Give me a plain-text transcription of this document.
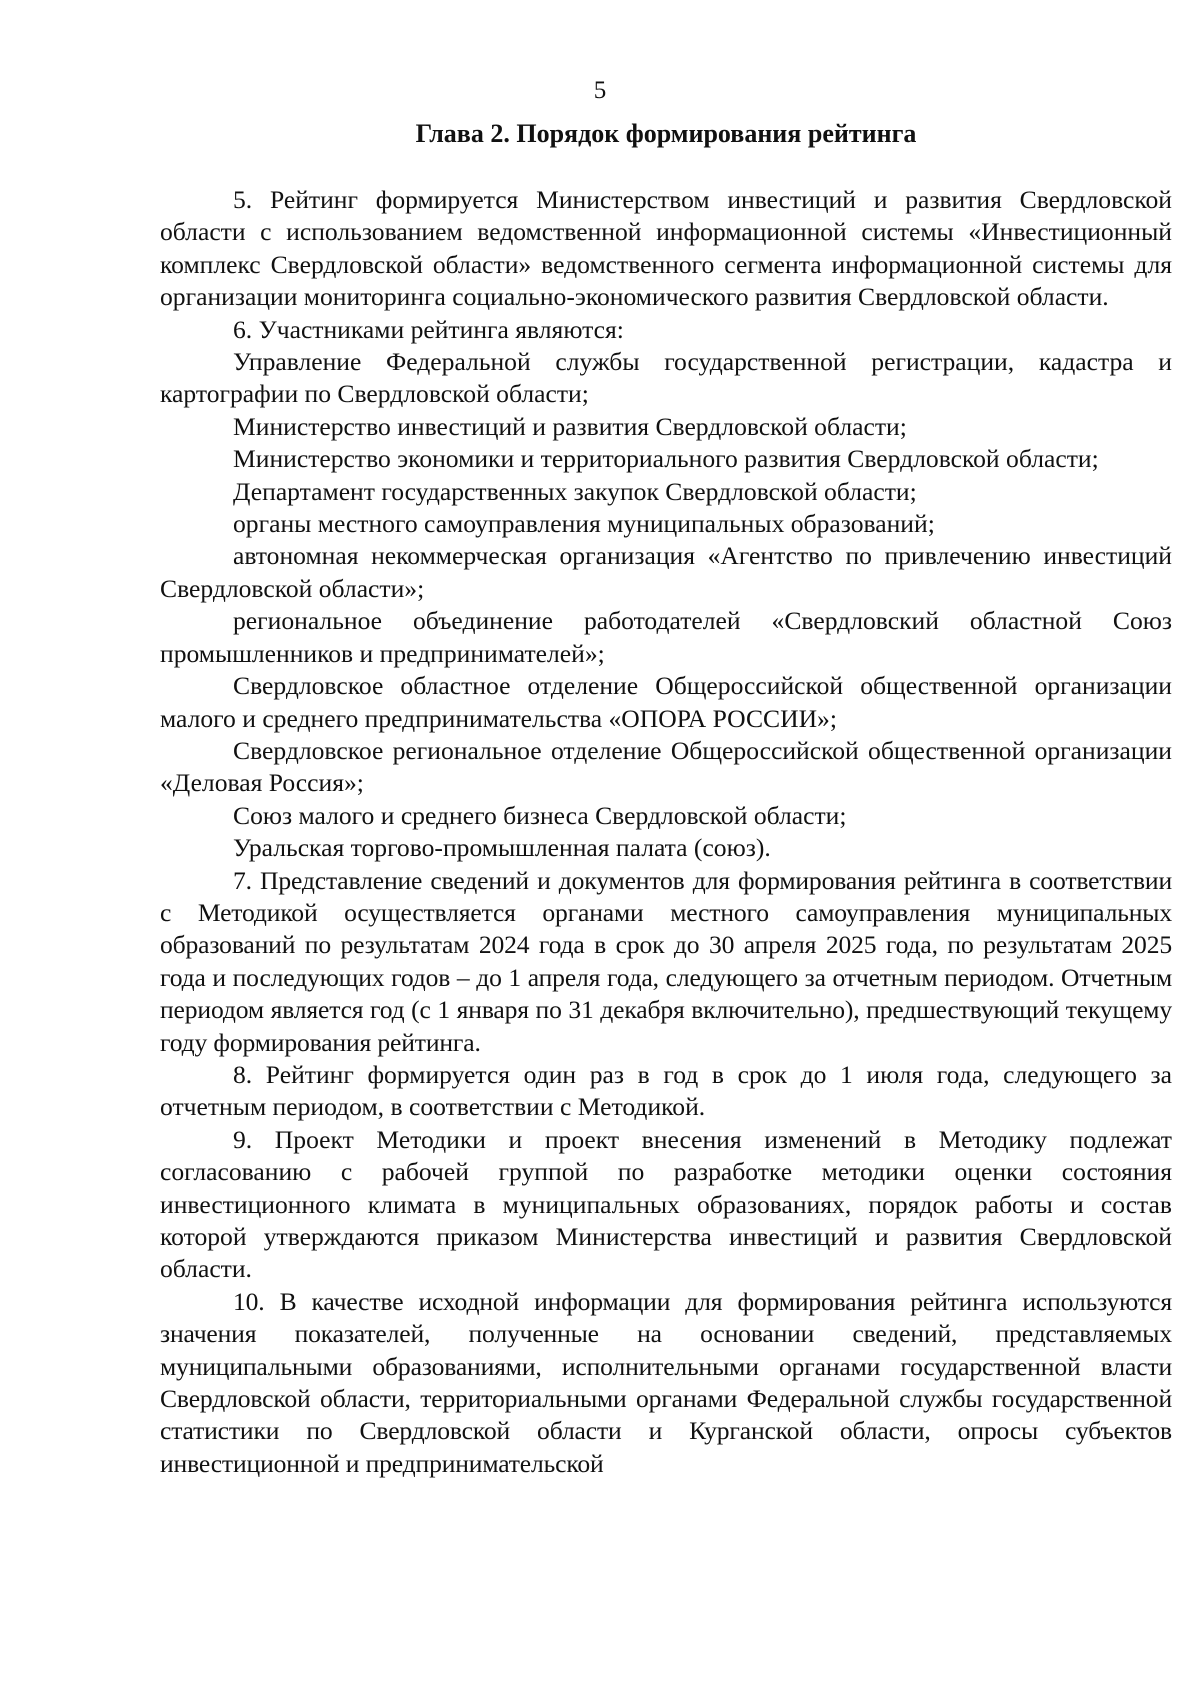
5
Глава 2. Порядок формирования рейтинга

5. Рейтинг формируется Министерством инвестиций и развития Свердловской области с использованием ведомственной информационной системы «Инвестиционный комплекс Свердловской области» ведомственного сегмента информационной системы для организации мониторинга социально-экономического развития Свердловской области.

6. Участниками рейтинга являются:

Управление Федеральной службы государственной регистрации, кадастра и картографии по Свердловской области;

Министерство инвестиций и развития Свердловской области;

Министерство экономики и территориального развития Свердловской области;

Департамент государственных закупок Свердловской области;

органы местного самоуправления муниципальных образований;

автономная некоммерческая организация «Агентство по привлечению инвестиций Свердловской области»;

региональное объединение работодателей «Свердловский областной Союз промышленников и предпринимателей»;

Свердловское областное отделение Общероссийской общественной организации малого и среднего предпринимательства «ОПОРА РОССИИ»;

Свердловское региональное отделение Общероссийской общественной организации «Деловая Россия»;

Союз малого и среднего бизнеса Свердловской области;

Уральская торгово-промышленная палата (союз).

7. Представление сведений и документов для формирования рейтинга в соответствии с Методикой осуществляется органами местного самоуправления муниципальных образований по результатам 2024 года в срок до 30 апреля 2025 года, по результатам 2025 года и последующих годов – до 1 апреля года, следующего за отчетным периодом. Отчетным периодом является год (с 1 января по 31 декабря включительно), предшествующий текущему году формирования рейтинга.

8. Рейтинг формируется один раз в год в срок до 1 июля года, следующего за отчетным периодом, в соответствии с Методикой.

9. Проект Методики и проект внесения изменений в Методику подлежат согласованию с рабочей группой по разработке методики оценки состояния инвестиционного климата в муниципальных образованиях, порядок работы и состав которой утверждаются приказом Министерства инвестиций и развития Свердловской области.

10. В качестве исходной информации для формирования рейтинга используются значения показателей, полученные на основании сведений, представляемых муниципальными образованиями, исполнительными органами государственной власти Свердловской области, территориальными органами Федеральной службы государственной статистики по Свердловской области и Курганской области, опросы субъектов инвестиционной и предпринимательской
